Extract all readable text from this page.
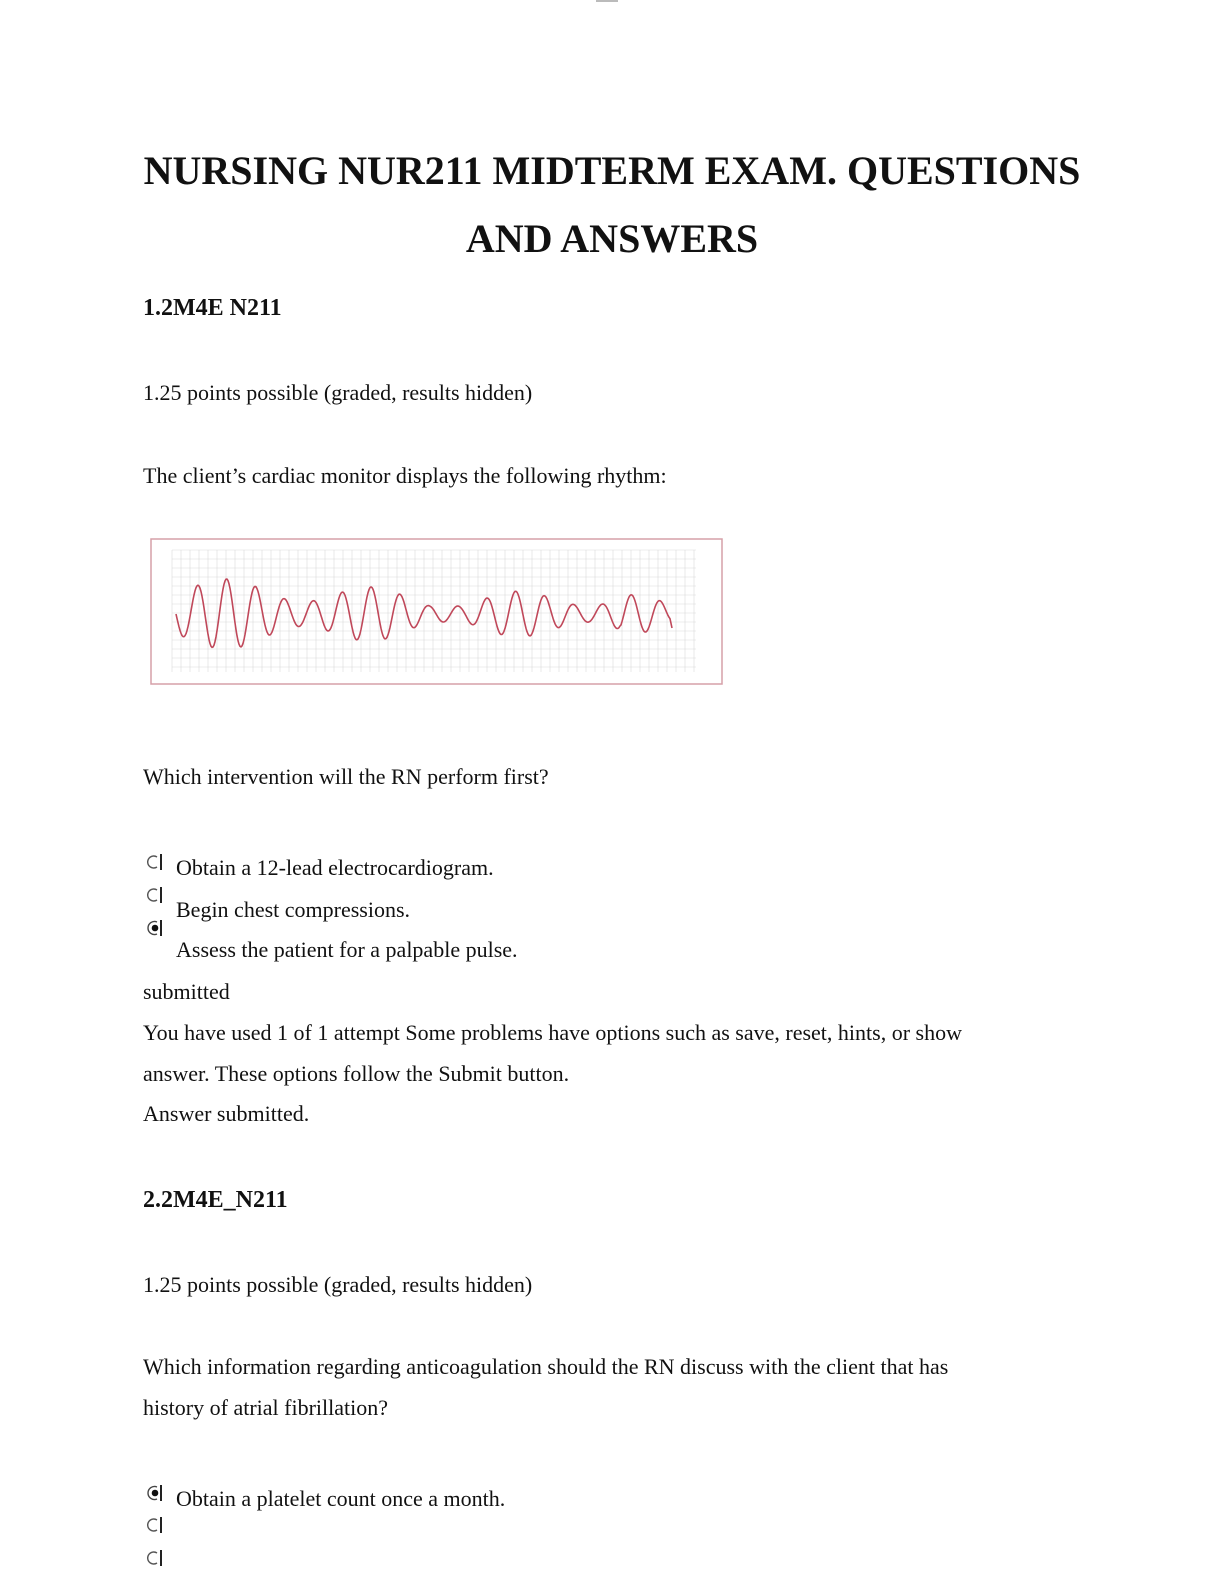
NURSING NUR211 MIDTERM EXAM. QUESTIONS
AND ANSWERS

1.2M4E N211

1.25 points possible (graded, results hidden)

The client’s cardiac monitor displays the following rhythm:

Which intervention will the RN perform first?

Obtain a 12-lead electrocardiogram.

Begin chest compressions.

Assess the patient for a palpable pulse.

submitted

You have used 1 of 1 attempt Some problems have options such as save, reset, hints, or show

answer. These options follow the Submit button.

Answer submitted.

2.2M4E_N211

1.25 points possible (graded, results hidden)

Which information regarding anticoagulation should the RN discuss with the client that has

history of atrial fibrillation?

Obtain a platelet count once a month.
